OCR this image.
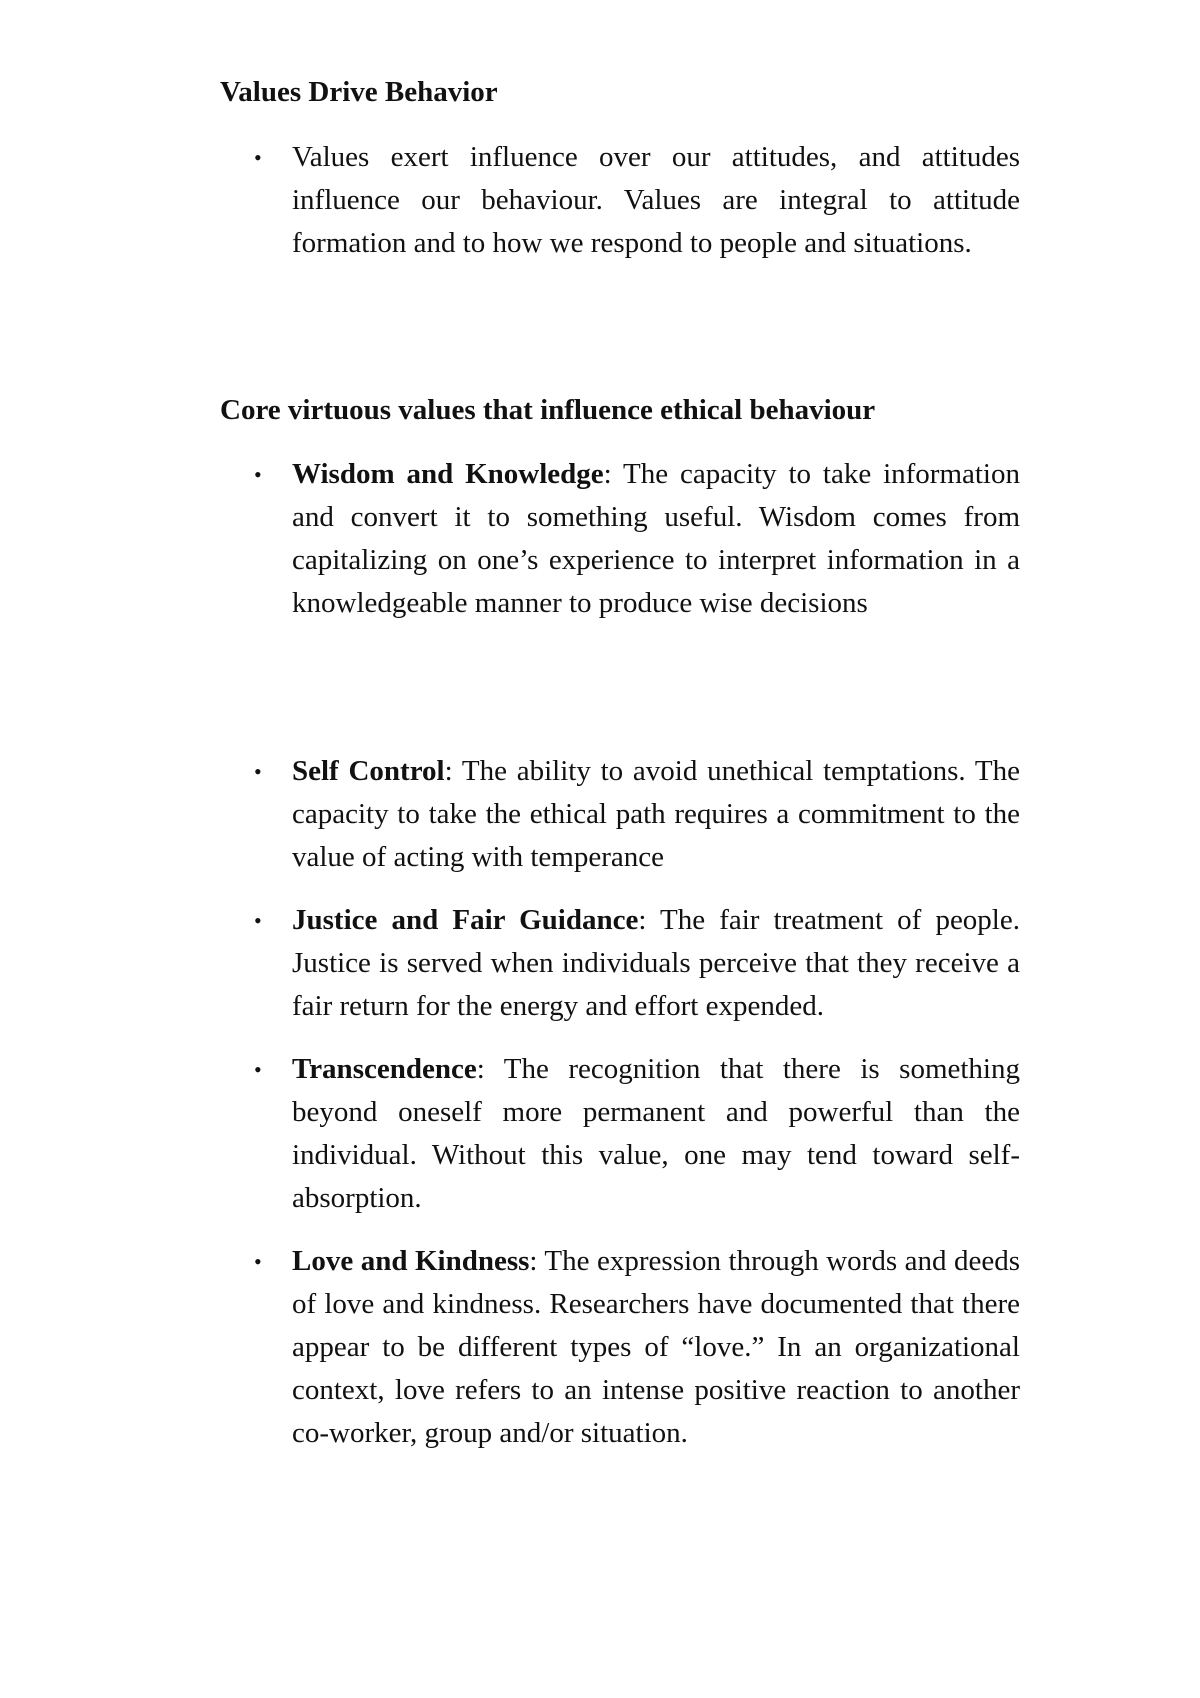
Values Drive Behavior
• Values exert influence over our attitudes, and attitudes influence our behaviour. Values are integral to attitude formation and to how we respond to people and situations.
Core virtuous values that influence ethical behaviour
• Wisdom and Knowledge: The capacity to take information and convert it to something useful. Wisdom comes from capitalizing on one’s experience to interpret information in a knowledgeable manner to produce wise decisions
• Self Control: The ability to avoid unethical temptations. The capacity to take the ethical path requires a commitment to the value of acting with temperance
• Justice and Fair Guidance: The fair treatment of people. Justice is served when individuals perceive that they receive a fair return for the energy and effort expended.
• Transcendence: The recognition that there is something beyond oneself more permanent and powerful than the individual. Without this value, one may tend toward self-absorption.
• Love and Kindness: The expression through words and deeds of love and kindness. Researchers have documented that there appear to be different types of “love.” In an organizational context, love refers to an intense positive reaction to another co-worker, group and/or situation.
